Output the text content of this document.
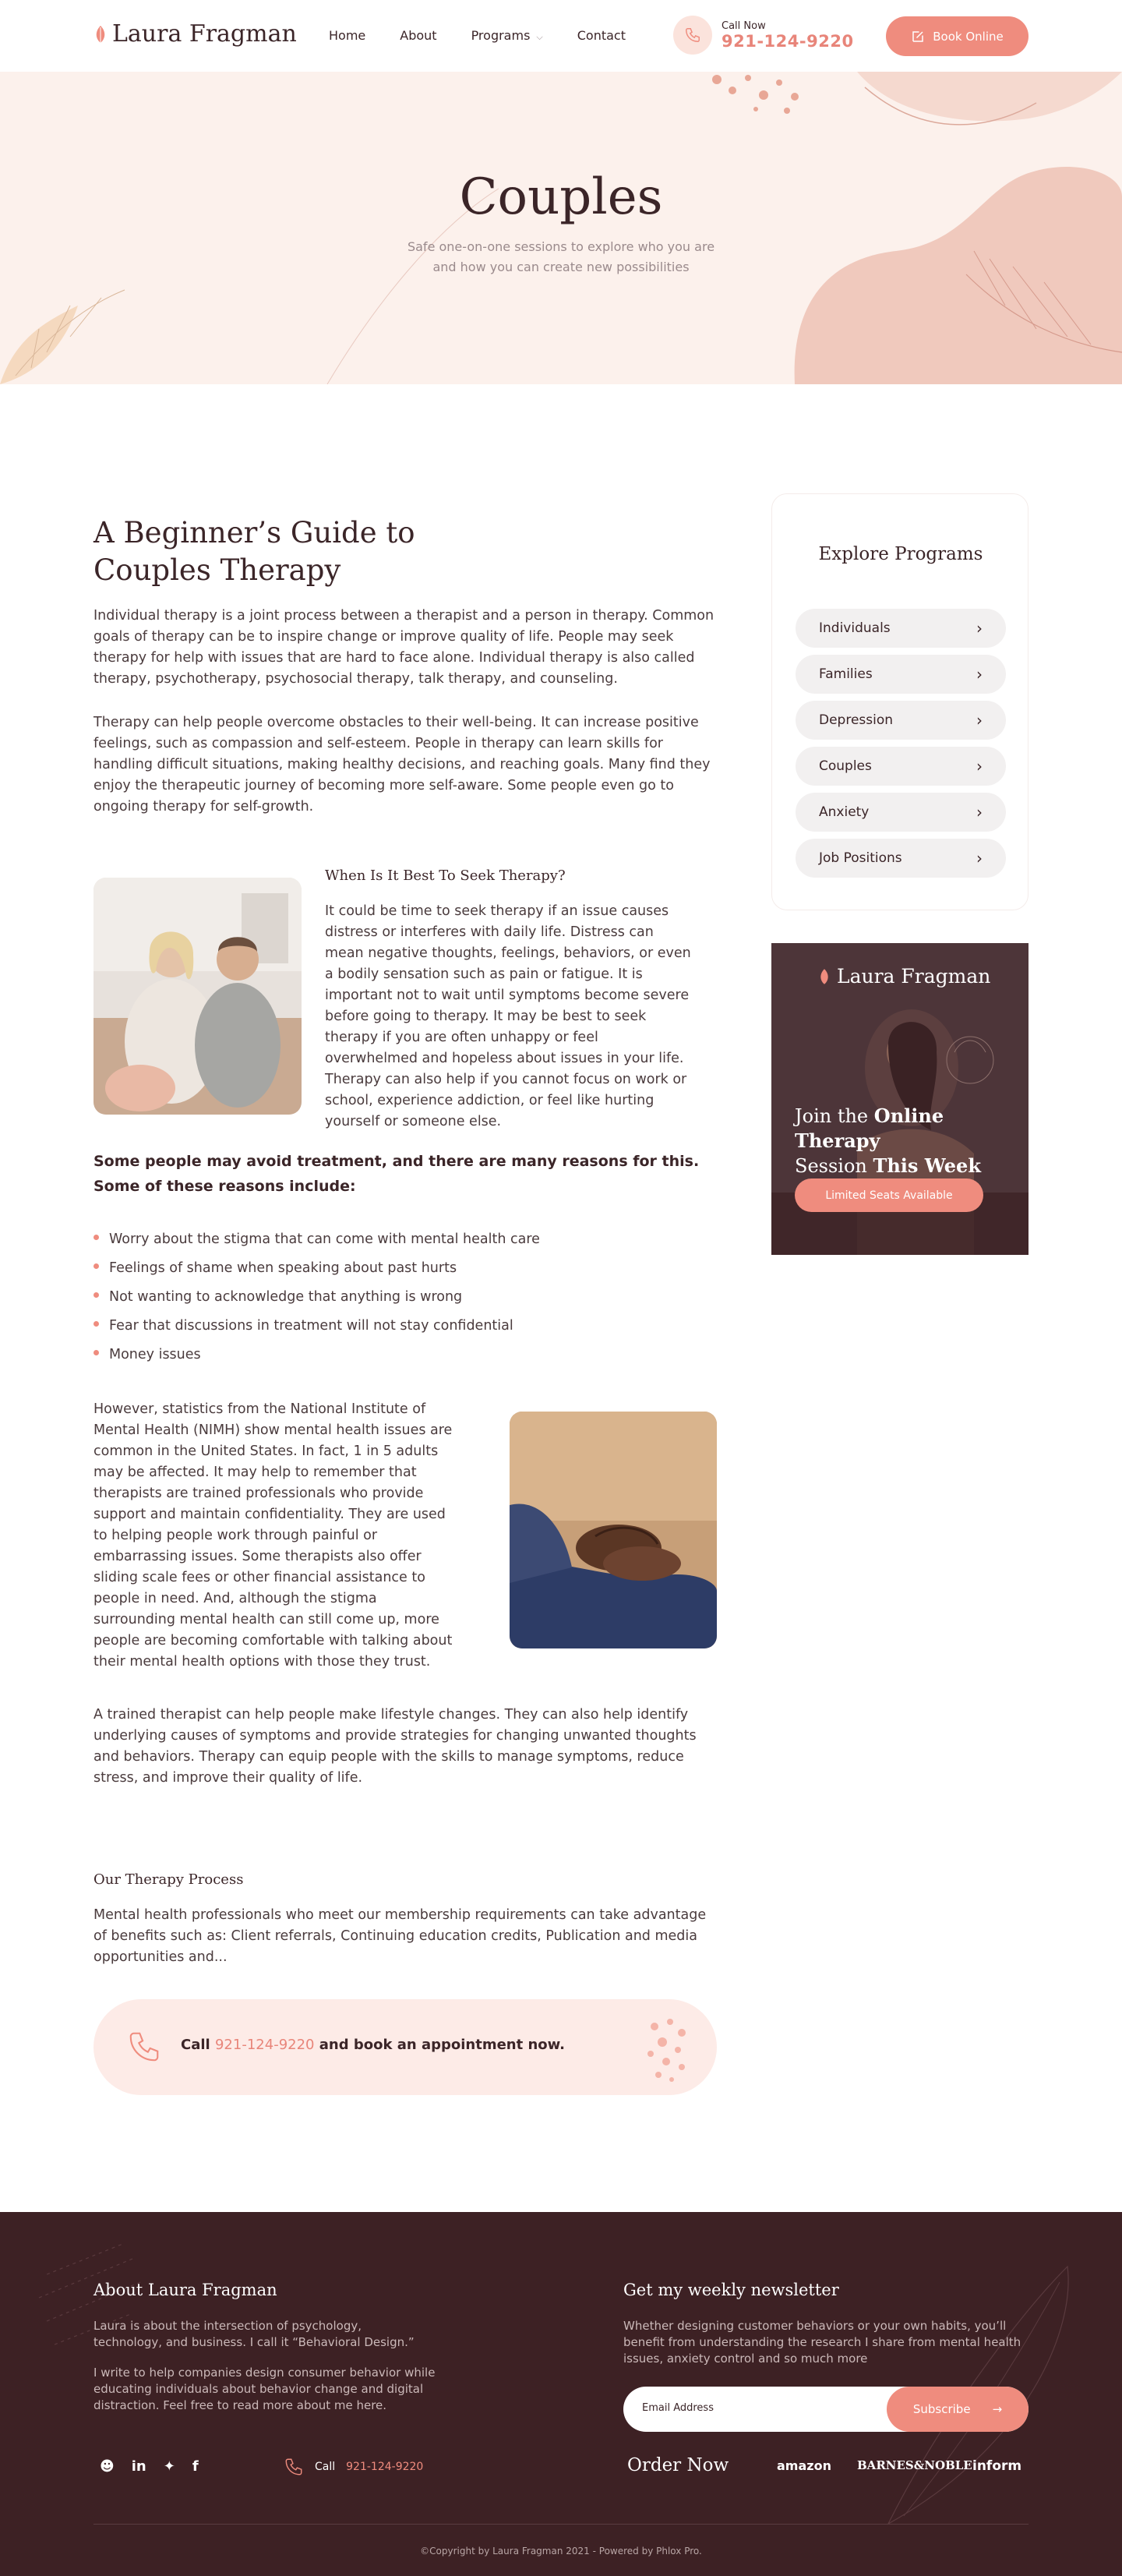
Laura Fragman	Home	About	Programs ⌵	Contact
Call Now
921-124-9220	Book Online
Couples
Safe one-on-one sessions to explore who you are and how you can create new possibilities
A Beginner’s Guide to Couples Therapy
Individual therapy is a joint process between a therapist and a person in therapy. Common goals of therapy can be to inspire change or improve quality of life. People may seek therapy for help with issues that are hard to face alone. Individual therapy is also called therapy, psychotherapy, psychosocial therapy, talk therapy, and counseling.
Therapy can help people overcome obstacles to their well-being. It can increase positive feelings, such as compassion and self-esteem. People in therapy can learn skills for handling difficult situations, making healthy decisions, and reaching goals. Many find they enjoy the therapeutic journey of becoming more self-aware. Some people even go to ongoing therapy for self-growth.
When Is It Best To Seek Therapy?
It could be time to seek therapy if an issue causes distress or interferes with daily life. Distress can mean negative thoughts, feelings, behaviors, or even a bodily sensation such as pain or fatigue. It is important not to wait until symptoms become severe before going to therapy. It may be best to seek therapy if you are often unhappy or feel overwhelmed and hopeless about issues in your life. Therapy can also help if you cannot focus on work or school, experience addiction, or feel like hurting yourself or someone else.
Some people may avoid treatment, and there are many reasons for this. Some of these reasons include:
Worry about the stigma that can come with mental health care
Feelings of shame when speaking about past hurts
Not wanting to acknowledge that anything is wrong
Fear that discussions in treatment will not stay confidential
Money issues
However, statistics from the National Institute of Mental Health (NIMH) show mental health issues are common in the United States. In fact, 1 in 5 adults may be affected. It may help to remember that therapists are trained professionals who provide support and maintain confidentiality. They are used to helping people work through painful or embarrassing issues. Some therapists also offer sliding scale fees or other financial assistance to people in need. And, although the stigma surrounding mental health can still come up, more people are becoming comfortable with talking about their mental health options with those they trust.
A trained therapist can help people make lifestyle changes. They can also help identify underlying causes of symptoms and provide strategies for changing unwanted thoughts and behaviors. Therapy can equip people with the skills to manage symptoms, reduce stress, and improve their quality of life.
Our Therapy Process
Mental health professionals who meet our membership requirements can take advantage of benefits such as: Client referrals, Continuing education credits, Publication and media opportunities and...
Call 921-124-9220 and book an appointment now.
Explore Programs
Individuals	›
Families	›
Depression	›
Couples	›
Anxiety	›
Job Positions	›
Laura Fragman
Join the Online Therapy
Session This Week
Limited Seats Available
About Laura Fragman
Laura is about the intersection of psychology, technology, and business. I call it “Behavioral Design.”
I write to help companies design consumer behavior while educating individuals about behavior change and digital distraction. Feel free to read more about me here.
Get my weekly newsletter
Whether designing customer behaviors or your own habits, you’ll benefit from understanding the research I share from mental health issues, anxiety control and so much more
Email Address	Subscribe →
☻ in ✦ f	Call 921-124-9220	Order Now	amazon BARNES&NOBLE inform
©Copyright by Laura Fragman 2021 - Powered by Phlox Pro.
